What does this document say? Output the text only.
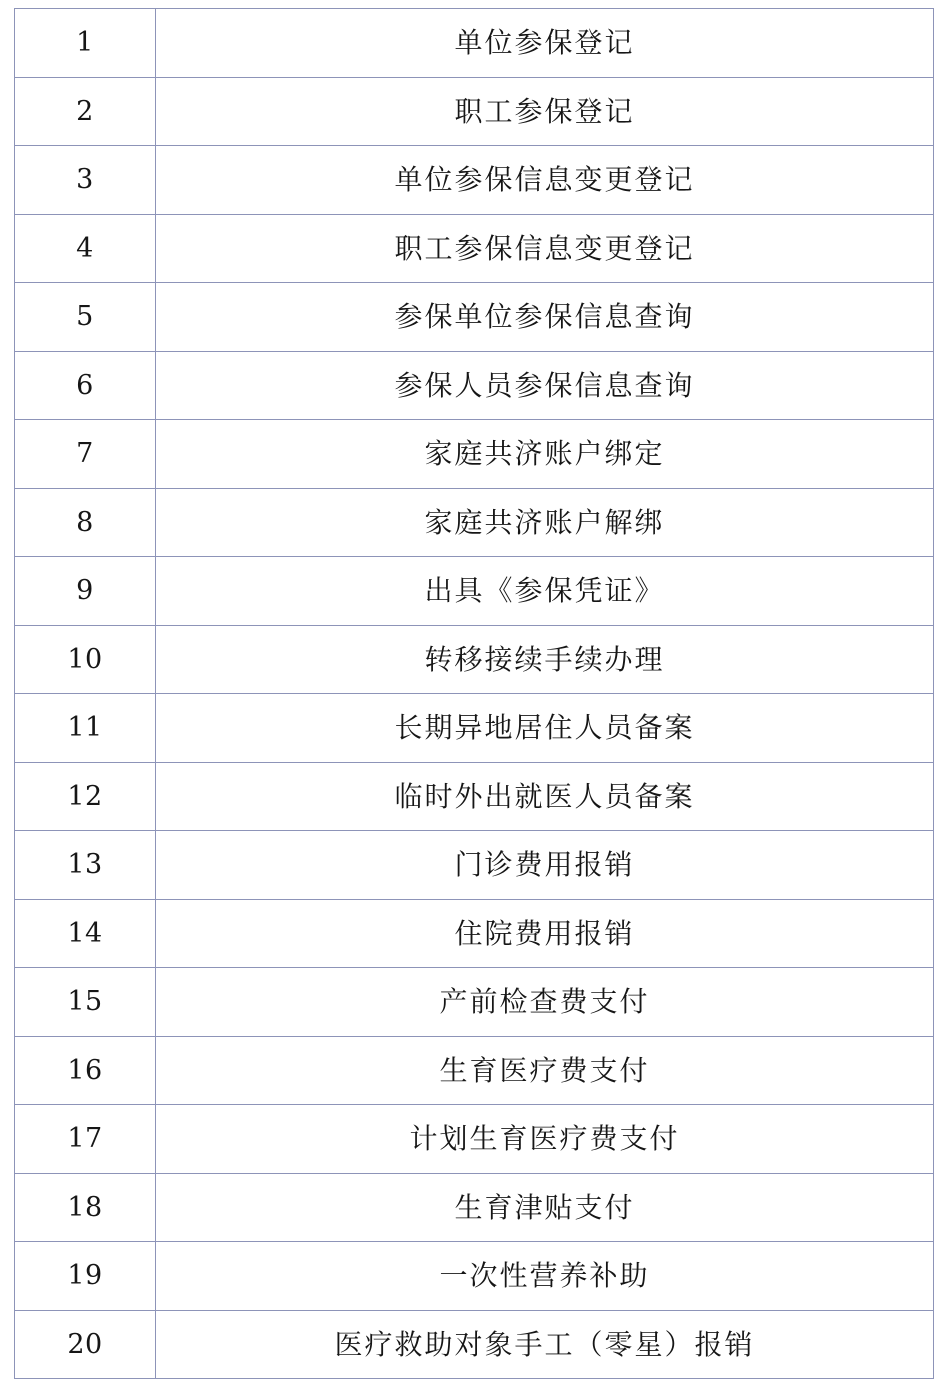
1	单位参保登记

2	职工参保登记

3	单位参保信息变更登记

4	职工参保信息变更登记

5	参保单位参保信息查询

6	参保人员参保信息查询

7	家庭共济账户绑定

8	家庭共济账户解绑

9	出具《参保凭证》

10	转移接续手续办理

11	长期异地居住人员备案

12	临时外出就医人员备案

13	门诊费用报销

14	住院费用报销

15	产前检查费支付

16	生育医疗费支付

17	计划生育医疗费支付

18	生育津贴支付

19	一次性营养补助

20	医疗救助对象手工（零星）报销
